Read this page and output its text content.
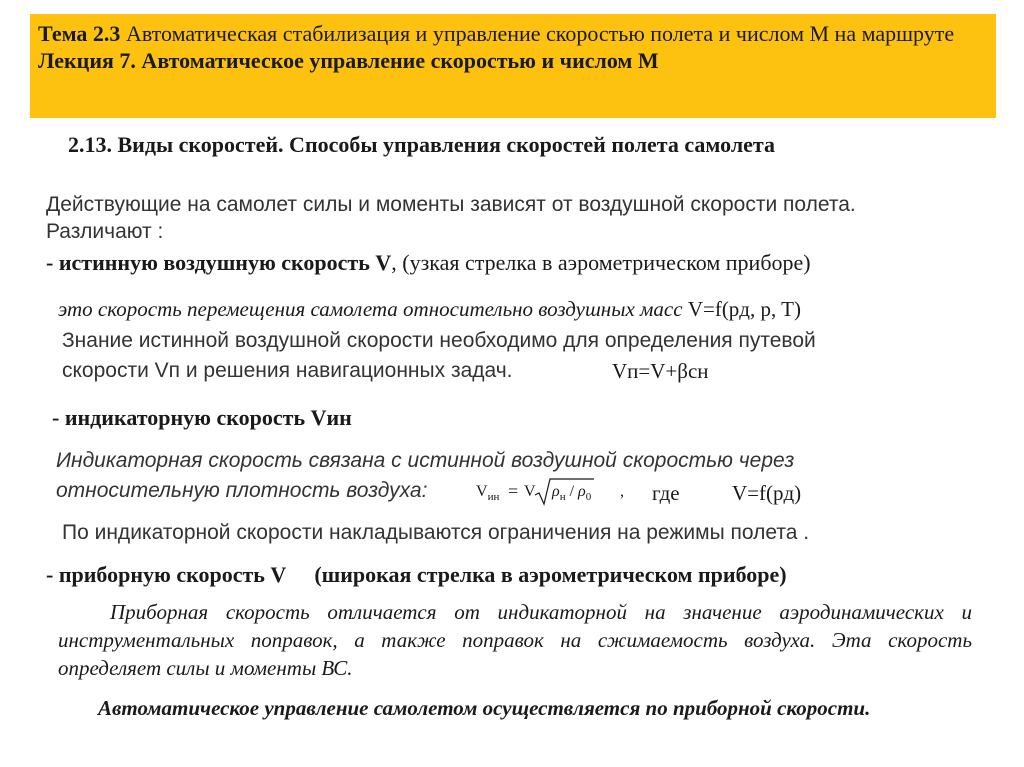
Тема 2.3 Автоматическая стабилизация и управление скоростью полета и числом М на маршруте
Лекция 7. Автоматическое управление скоростью и числом М
2.13. Виды скоростей. Способы управления скоростей полета самолета
Действующие на самолет силы и моменты зависят от воздушной скорости полета.
Различают :
- истинную воздушную скорость V, (узкая стрелка в аэрометрическом приборе)
это скорость перемещения самолета относительно воздушных масс V=f(pд, p, T)
Знание истинной воздушной скорости необходимо для определения путевой
скорости Vп и решения навигационных задач.	Vп=V+βсн
- индикаторную скорость Vин
Индикаторная скорость связана с истинной воздушной скоростью через
относительную плотность воздуха:	$V_{ин} = V$ $\rho_н / \rho_0$ , где V=f(pд)
По индикаторной скорости накладываются ограничения на режимы полета .
- приборную скорость V (широкая стрелка в аэрометрическом приборе)
Приборная скорость отличается от индикаторной на значение аэродинамических и инструментальных поправок, а также поправок на сжимаемость воздуха. Эта скорость определяет силы и моменты ВС.
Автоматическое управление самолетом осуществляется по приборной скорости.
